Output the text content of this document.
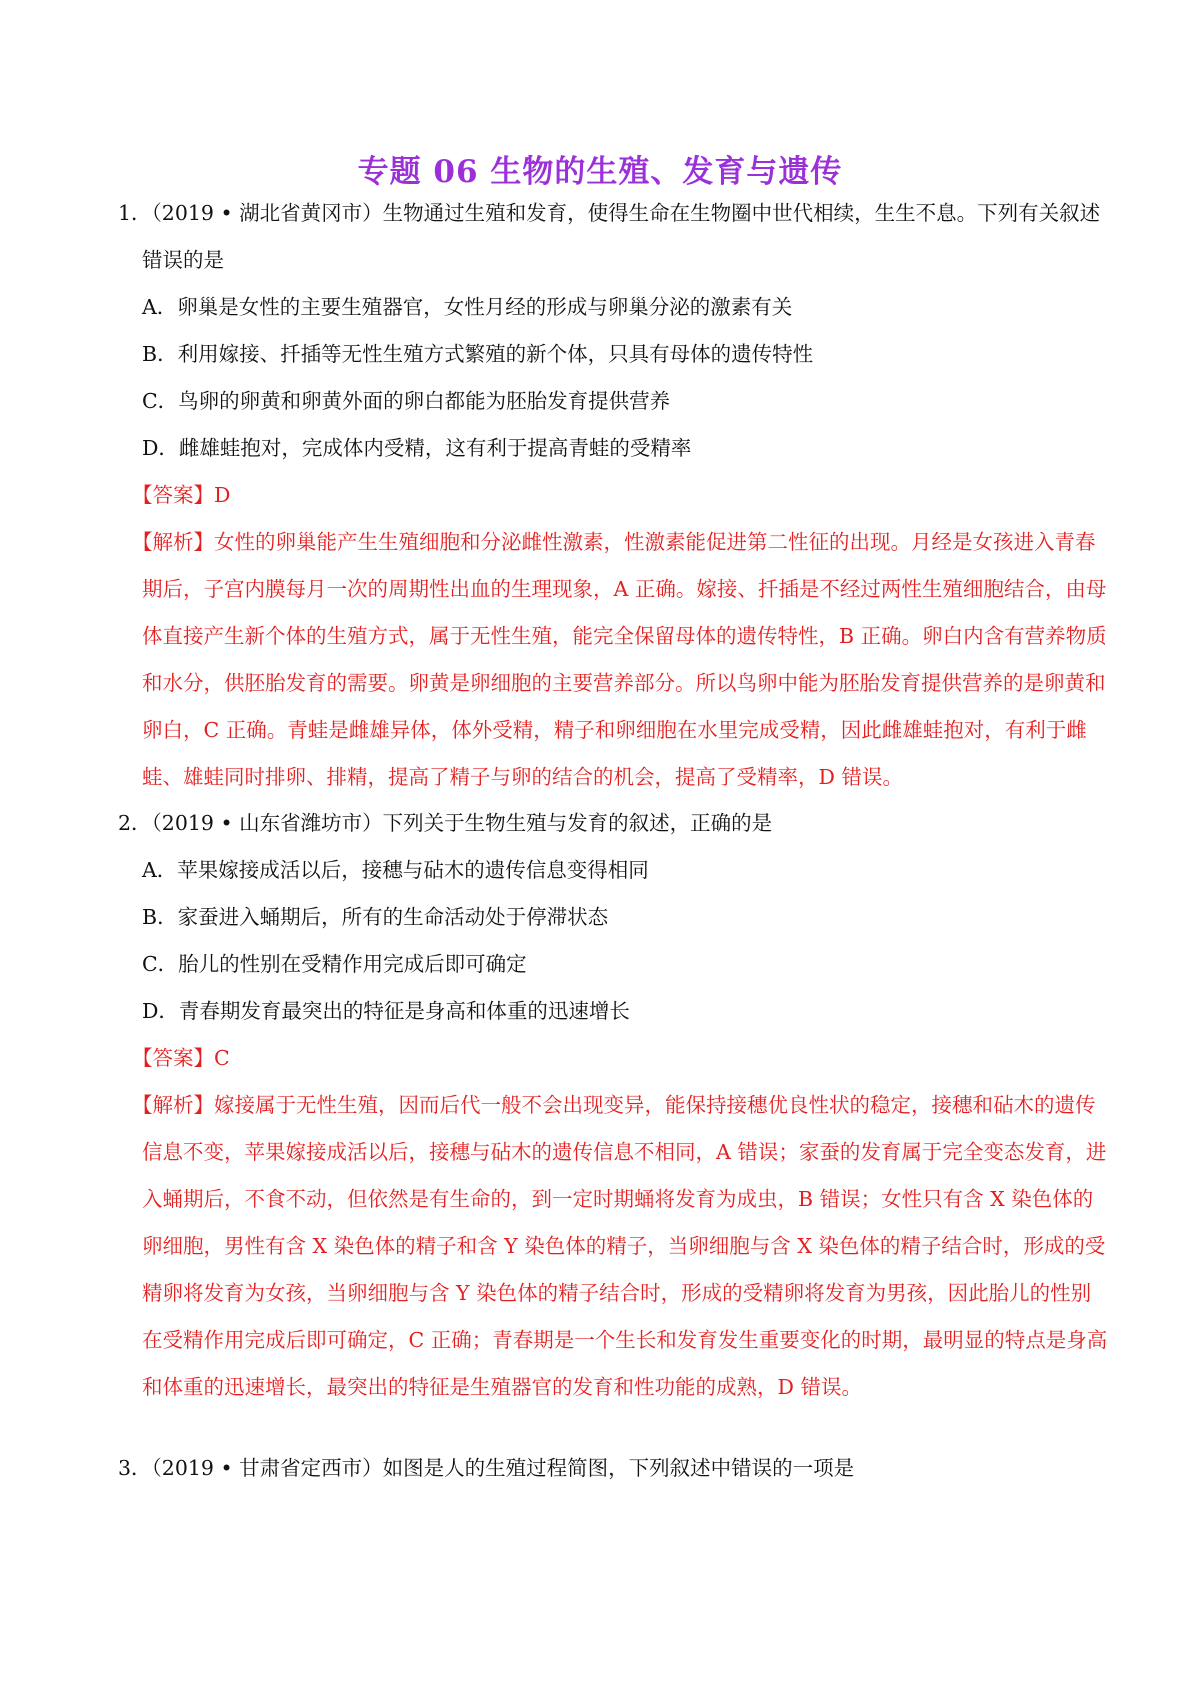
专题 06 生物的生殖、发育与遗传
1．（2019 • 湖北省黄冈市）生物通过生殖和发育，使得生命在生物圈中世代相续，生生不息。下列有关叙述错误的是
A．卵巢是女性的主要生殖器官，女性月经的形成与卵巢分泌的激素有关
B．利用嫁接、扦插等无性生殖方式繁殖的新个体，只具有母体的遗传特性
C．鸟卵的卵黄和卵黄外面的卵白都能为胚胎发育提供营养
D．雌雄蛙抱对，完成体内受精，这有利于提高青蛙的受精率
【答案】D
【解析】女性的卵巢能产生生殖细胞和分泌雌性激素，性激素能促进第二性征的出现。月经是女孩进入青春期后，子宫内膜每月一次的周期性出血的生理现象，A 正确。嫁接、扦插是不经过两性生殖细胞结合，由母体直接产生新个体的生殖方式，属于无性生殖，能完全保留母体的遗传特性，B 正确。卵白内含有营养物质和水分，供胚胎发育的需要。卵黄是卵细胞的主要营养部分。所以鸟卵中能为胚胎发育提供营养的是卵黄和卵白，C 正确。青蛙是雌雄异体，体外受精，精子和卵细胞在水里完成受精，因此雌雄蛙抱对，有利于雌蛙、雄蛙同时排卵、排精，提高了精子与卵的结合的机会，提高了受精率，D 错误。
2．（2019 • 山东省潍坊市）下列关于生物生殖与发育的叙述，正确的是
A．苹果嫁接成活以后，接穗与砧木的遗传信息变得相同
B．家蚕进入蛹期后，所有的生命活动处于停滞状态
C．胎儿的性别在受精作用完成后即可确定
D．青春期发育最突出的特征是身高和体重的迅速增长
【答案】C
【解析】嫁接属于无性生殖，因而后代一般不会出现变异，能保持接穗优良性状的稳定，接穗和砧木的遗传信息不变，苹果嫁接成活以后，接穗与砧木的遗传信息不相同，A 错误；家蚕的发育属于完全变态发育，进入蛹期后，不食不动，但依然是有生命的，到一定时期蛹将发育为成虫，B 错误；女性只有含 X 染色体的卵细胞，男性有含 X 染色体的精子和含 Y 染色体的精子，当卵细胞与含 X 染色体的精子结合时，形成的受精卵将发育为女孩，当卵细胞与含 Y 染色体的精子结合时，形成的受精卵将发育为男孩，因此胎儿的性别在受精作用完成后即可确定，C 正确；青春期是一个生长和发育发生重要变化的时期，最明显的特点是身高和体重的迅速增长，最突出的特征是生殖器官的发育和性功能的成熟，D 错误。
3．（2019 • 甘肃省定西市）如图是人的生殖过程简图，下列叙述中错误的一项是
